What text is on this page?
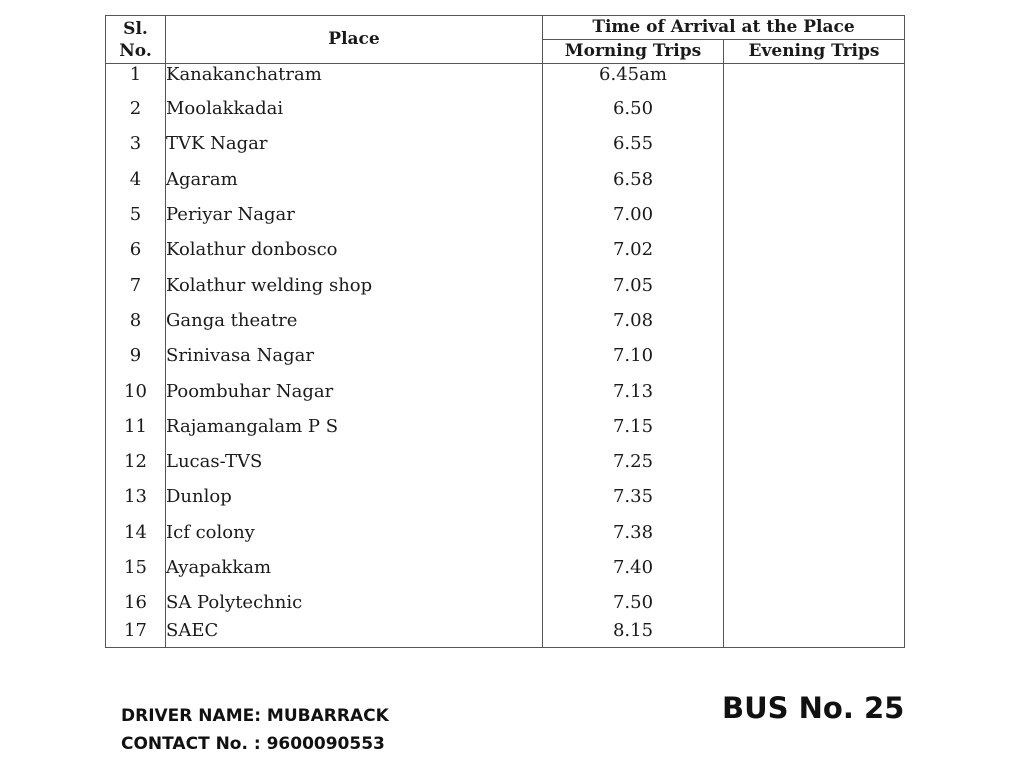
Sl.
No.	Place	Time of Arrival at the Place	
		Morning Trips	Evening Trips
1	Kanakanchatram	6.45am	
2	Moolakkadai	6.50	
3	TVK Nagar	6.55	
4	Agaram	6.58	
5	Periyar Nagar	7.00	
6	Kolathur donbosco	7.02	
7	Kolathur welding shop	7.05	
8	Ganga theatre	7.08	
9	Srinivasa Nagar	7.10	
10	Poombuhar Nagar	7.13	
11	Rajamangalam P S	7.15	
12	Lucas-TVS	7.25	
13	Dunlop	7.35	
14	Icf colony	7.38	
15	Ayapakkam	7.40	
16	SA Polytechnic	7.50	
17	SAEC	8.15	
DRIVER NAME: MUBARRACK
CONTACT No. : 9600090553
BUS No. 25
